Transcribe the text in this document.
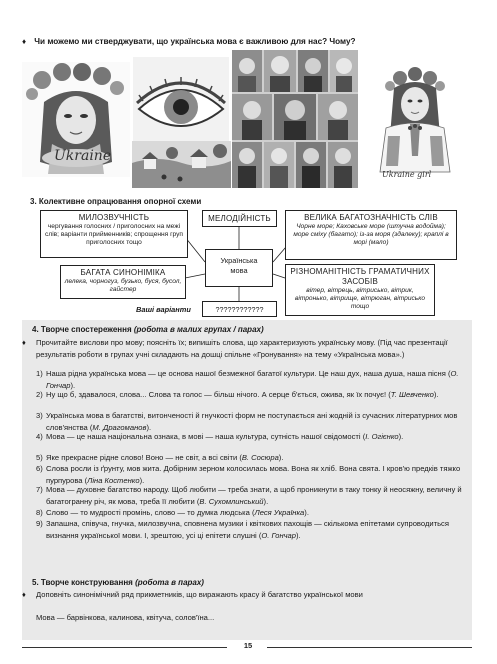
♦ Чи можемо ми стверджувати, що українська мова є важливою для нас? Чому?
Ukraine
Ukraine girl
3. Колективне опрацювання опорної схеми
МИЛОЗВУЧНІСТЬ
чергування голосних / приголосних на межі слів; варіанти прийменників; спрощення груп приголосних тощо
МЕЛОДІЙНІСТЬ	ВЕЛИКА БАГАТОЗНАЧНІСТЬ СЛІВ
Чорне море; Каховське море (штучна водойма); море сміху (багато); із-за моря (здалеку); краплі в морі (мало)
Українська
мова
БАГАТА СИНОНІМІКА
лелека, чорногуз, бузько, буся, бусол, гайстер
РІЗНОМАНІТНІСТЬ ГРАМАТИЧНИХ ЗАСОБІВ
вітер, вітрець, вітрисько, вітрик, вітронько, вітрище, вітрюган, вітрисько тощо
Ваші варіанти	????????????
4. Творче спостереження (робота в малих групах / парах)
♦	Прочитайте вислови про мову; поясніть їх; випишіть слова, що характеризують українську мову. (Під час презентації результатів роботи в групах учні складають на дошці спільне «Гронування» на тему «Українська мова».)
1) Наша рідна українська мова — це основа нашої безмежної багатої культури. Це наш дух, наша душа, наша пісня (О. Гончар).
2) Ну що б, здавалося, слова... Слова та голос — більш нічого. А серце б'ється, ожива, як їх почує! (Т. Шевченко).
3) Українська мова в багатстві, витонченості й гнучкості форм не поступається ані жодній із сучасних літературних мов слов'янства (М. Драгоманов).
4) Мова — це наша національна ознака, в мові — наша культура, сутність нашої свідомості (І. Огієнко).
5) Яке прекрасне рідне слово! Воно — не світ, а всі світи (В. Сосюра).
6) Слова росли із ґрунту, мов жита. Добірним зерном колосилась мова. Вона як хліб. Вона свята. І кров'ю предків тяжко пурпурова (Ліна Костенко).
7) Мова — духовне багатство народу. Щоб любити — треба знати, а щоб проникнути в таку тонку й неосяжну, величну й багатогранну річ, як мова, треба її любити (В. Сухомлинський).
8) Слово — то мудрості промінь, слово — то думка людська (Леся Українка).
9) Запашна, співуча, гнучка, милозвучна, сповнена музики і квіткових пахощів — скількома епітетами супроводиться визнання української мови. І, зрештою, усі ці епітети слушні (О. Гончар).
5. Творче конструювання (робота в парах)
♦	Доповніть синонімічний ряд прикметників, що виражають красу й багатство української мови
Мова — барвінкова, калинова, квітуча, солов'їна...
15
